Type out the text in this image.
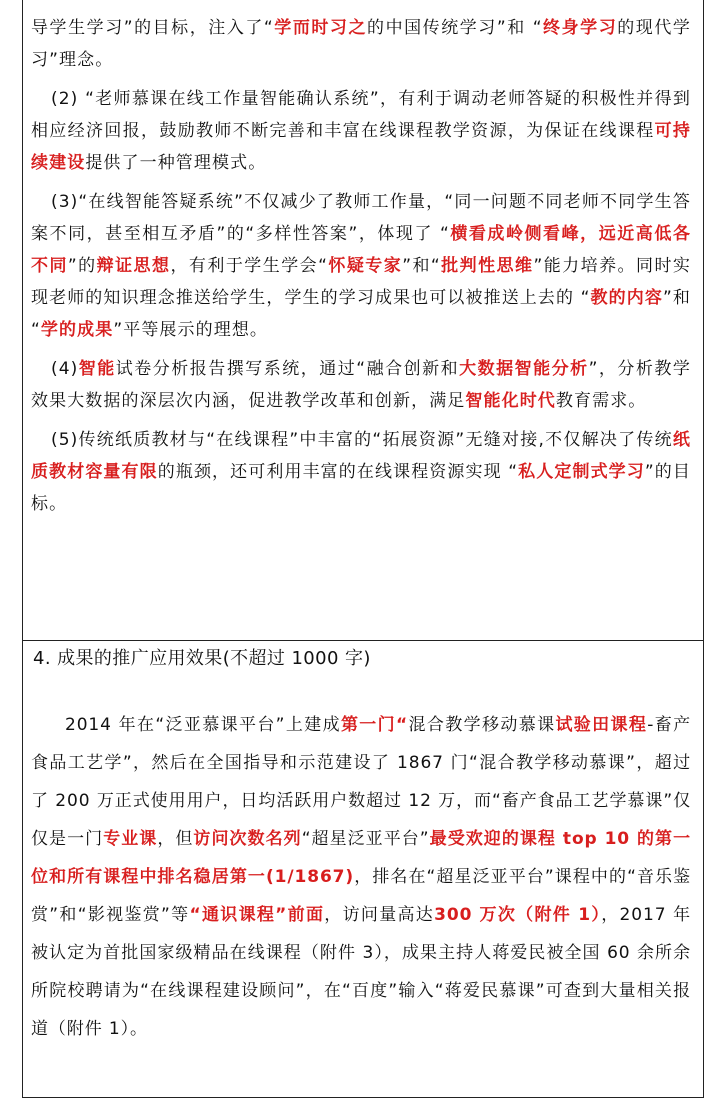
导学生学习”的目标，注入了“学而时习之的中国传统学习”和 “终身学习的现代学习”理念。

(2) “老师慕课在线工作量智能确认系统”，有利于调动老师答疑的积极性并得到相应经济回报，鼓励教师不断完善和丰富在线课程教学资源，为保证在线课程可持续建设提供了一种管理模式。

(3)“在线智能答疑系统”不仅减少了教师工作量，“同一问题不同老师不同学生答案不同，甚至相互矛盾”的“多样性答案”，体现了 “横看成岭侧看峰，远近高低各不同”的辩证思想，有利于学生学会“怀疑专家”和“批判性思维”能力培养。同时实现老师的知识理念推送给学生，学生的学习成果也可以被推送上去的 “教的内容”和 “学的成果”平等展示的理想。

(4)智能试卷分析报告撰写系统，通过“融合创新和大数据智能分析”，分析教学效果大数据的深层次内涵，促进教学改革和创新，满足智能化时代教育需求。

(5)传统纸质教材与“在线课程”中丰富的“拓展资源”无缝对接,不仅解决了传统纸质教材容量有限的瓶颈，还可利用丰富的在线课程资源实现 “私人定制式学习”的目标。

4. 成果的推广应用效果(不超过 1000 字)

2014 年在“泛亚慕课平台”上建成第一门“混合教学移动慕课试验田课程-畜产食品工艺学”，然后在全国指导和示范建设了 1867 门“混合教学移动慕课”，超过了 200 万正式使用用户，日均活跃用户数超过 12 万，而“畜产食品工艺学慕课”仅仅是一门专业课，但访问次数名列“超星泛亚平台”最受欢迎的课程 top 10 的第一位和所有课程中排名稳居第一(1/1867)，排名在“超星泛亚平台”课程中的“音乐鉴赏”和“影视鉴赏”等“通识课程”前面，访问量高达300 万次（附件 1），2017 年被认定为首批国家级精品在线课程（附件 3），成果主持人蒋爱民被全国 60 余所余所院校聘请为“在线课程建设顾问”，在“百度”输入“蒋爱民慕课”可查到大量相关报道（附件 1）。
